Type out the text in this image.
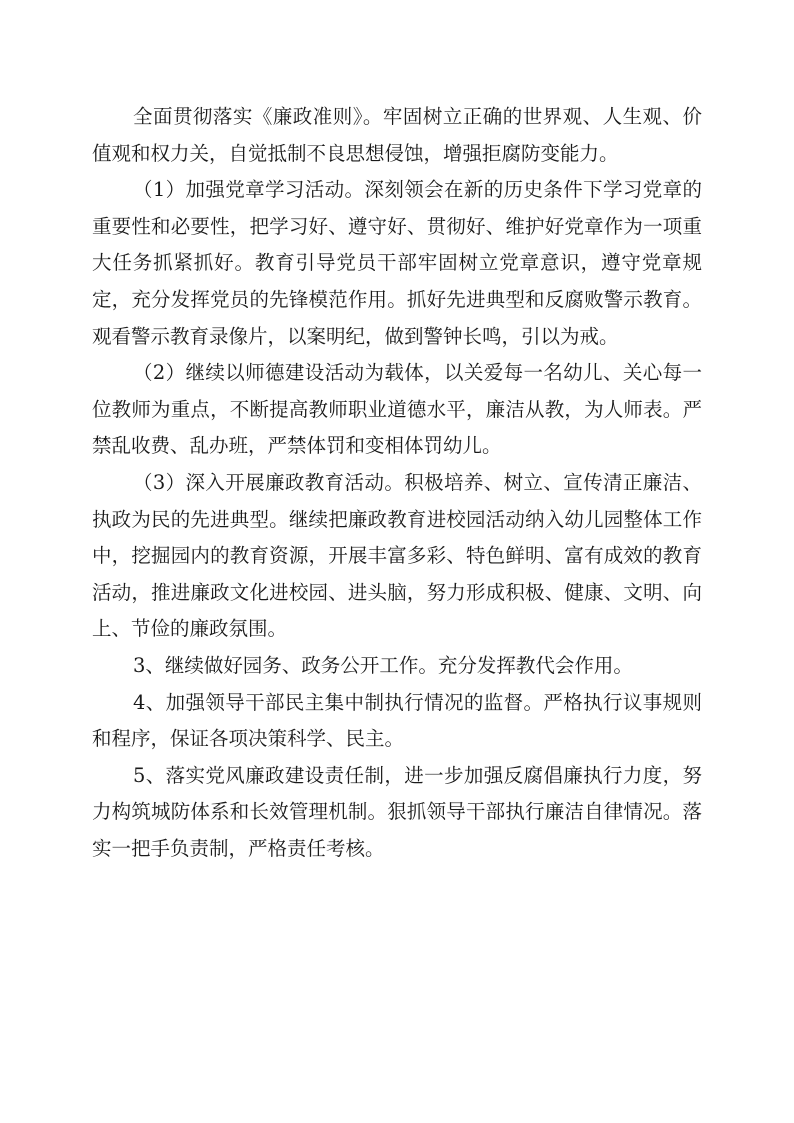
全面贯彻落实《廉政准则》。牢固树立正确的世界观、人生观、价值观和权力关，自觉抵制不良思想侵蚀，增强拒腐防变能力。

（1）加强党章学习活动。深刻领会在新的历史条件下学习党章的重要性和必要性，把学习好、遵守好、贯彻好、维护好党章作为一项重大任务抓紧抓好。教育引导党员干部牢固树立党章意识，遵守党章规定，充分发挥党员的先锋模范作用。抓好先进典型和反腐败警示教育。观看警示教育录像片，以案明纪，做到警钟长鸣，引以为戒。

（2）继续以师德建设活动为载体，以关爱每一名幼儿、关心每一位教师为重点，不断提高教师职业道德水平，廉洁从教，为人师表。严禁乱收费、乱办班，严禁体罚和变相体罚幼儿。

（3）深入开展廉政教育活动。积极培养、树立、宣传清正廉洁、执政为民的先进典型。继续把廉政教育进校园活动纳入幼儿园整体工作中，挖掘园内的教育资源，开展丰富多彩、特色鲜明、富有成效的教育活动，推进廉政文化进校园、进头脑，努力形成积极、健康、文明、向上、节俭的廉政氛围。

3、继续做好园务、政务公开工作。充分发挥教代会作用。

4、加强领导干部民主集中制执行情况的监督。严格执行议事规则和程序，保证各项决策科学、民主。

5、落实党风廉政建设责任制，进一步加强反腐倡廉执行力度，努力构筑城防体系和长效管理机制。狠抓领导干部执行廉洁自律情况。落实一把手负责制，严格责任考核。
